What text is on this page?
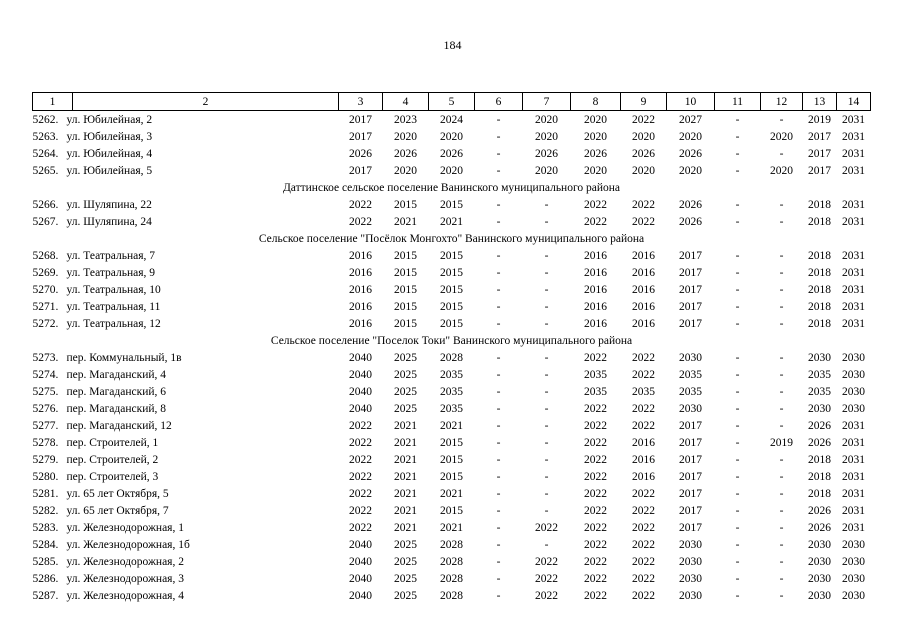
184
1	2	3	4	5	6	7	8	9	10	11	12	13	14
5262. ул. Юбилейная, 2		2017	2023	2024	-	2020	2020	2022	2027	-	-	2019	2031
5263. ул. Юбилейная, 3		2017	2020	2020	-	2020	2020	2020	2020	-	2020	2017	2031
5264. ул. Юбилейная, 4		2026	2026	2026	-	2026	2026	2026	2026	-	-	2017	2031
5265. ул. Юбилейная, 5		2017	2020	2020	-	2020	2020	2020	2020	-	2020	2017	2031
Даттинское сельское поселение Ванинского муниципального района													
5266. ул. Шуляпина, 22		2022	2015	2015	-	-	2022	2022	2026	-	-	2018	2031
5267. ул. Шуляпина, 24		2022	2021	2021	-	-	2022	2022	2026	-	-	2018	2031
Сельское поселение "Посёлок Монгохто" Ванинского муниципального района													
5268. ул. Театральная, 7		2016	2015	2015	-	-	2016	2016	2017	-	-	2018	2031
5269. ул. Театральная, 9		2016	2015	2015	-	-	2016	2016	2017	-	-	2018	2031
5270. ул. Театральная, 10		2016	2015	2015	-	-	2016	2016	2017	-	-	2018	2031
5271. ул. Театральная, 11		2016	2015	2015	-	-	2016	2016	2017	-	-	2018	2031
5272. ул. Театральная, 12		2016	2015	2015	-	-	2016	2016	2017	-	-	2018	2031
Сельское поселение "Поселок Токи" Ванинского муниципального района													
5273. пер. Коммунальный, 1в		2040	2025	2028	-	-	2022	2022	2030	-	-	2030	2030
5274. пер. Магаданский, 4		2040	2025	2035	-	-	2035	2022	2035	-	-	2035	2030
5275. пер. Магаданский, 6		2040	2025	2035	-	-	2035	2035	2035	-	-	2035	2030
5276. пер. Магаданский, 8		2040	2025	2035	-	-	2022	2022	2030	-	-	2030	2030
5277. пер. Магаданский, 12		2022	2021	2021	-	-	2022	2022	2017	-	-	2026	2031
5278. пер. Строителей, 1		2022	2021	2015	-	-	2022	2016	2017	-	2019	2026	2031
5279. пер. Строителей, 2		2022	2021	2015	-	-	2022	2016	2017	-	-	2018	2031
5280. пер. Строителей, 3		2022	2021	2015	-	-	2022	2016	2017	-	-	2018	2031
5281. ул. 65 лет Октября, 5		2022	2021	2021	-	-	2022	2022	2017	-	-	2018	2031
5282. ул. 65 лет Октября, 7		2022	2021	2015	-	-	2022	2022	2017	-	-	2026	2031
5283. ул. Железнодорожная, 1		2022	2021	2021	-	2022	2022	2022	2017	-	-	2026	2031
5284. ул. Железнодорожная, 1б		2040	2025	2028	-	-	2022	2022	2030	-	-	2030	2030
5285. ул. Железнодорожная, 2		2040	2025	2028	-	2022	2022	2022	2030	-	-	2030	2030
5286. ул. Железнодорожная, 3		2040	2025	2028	-	2022	2022	2022	2030	-	-	2030	2030
5287. ул. Железнодорожная, 4		2040	2025	2028	-	2022	2022	2022	2030	-	-	2030	2030
